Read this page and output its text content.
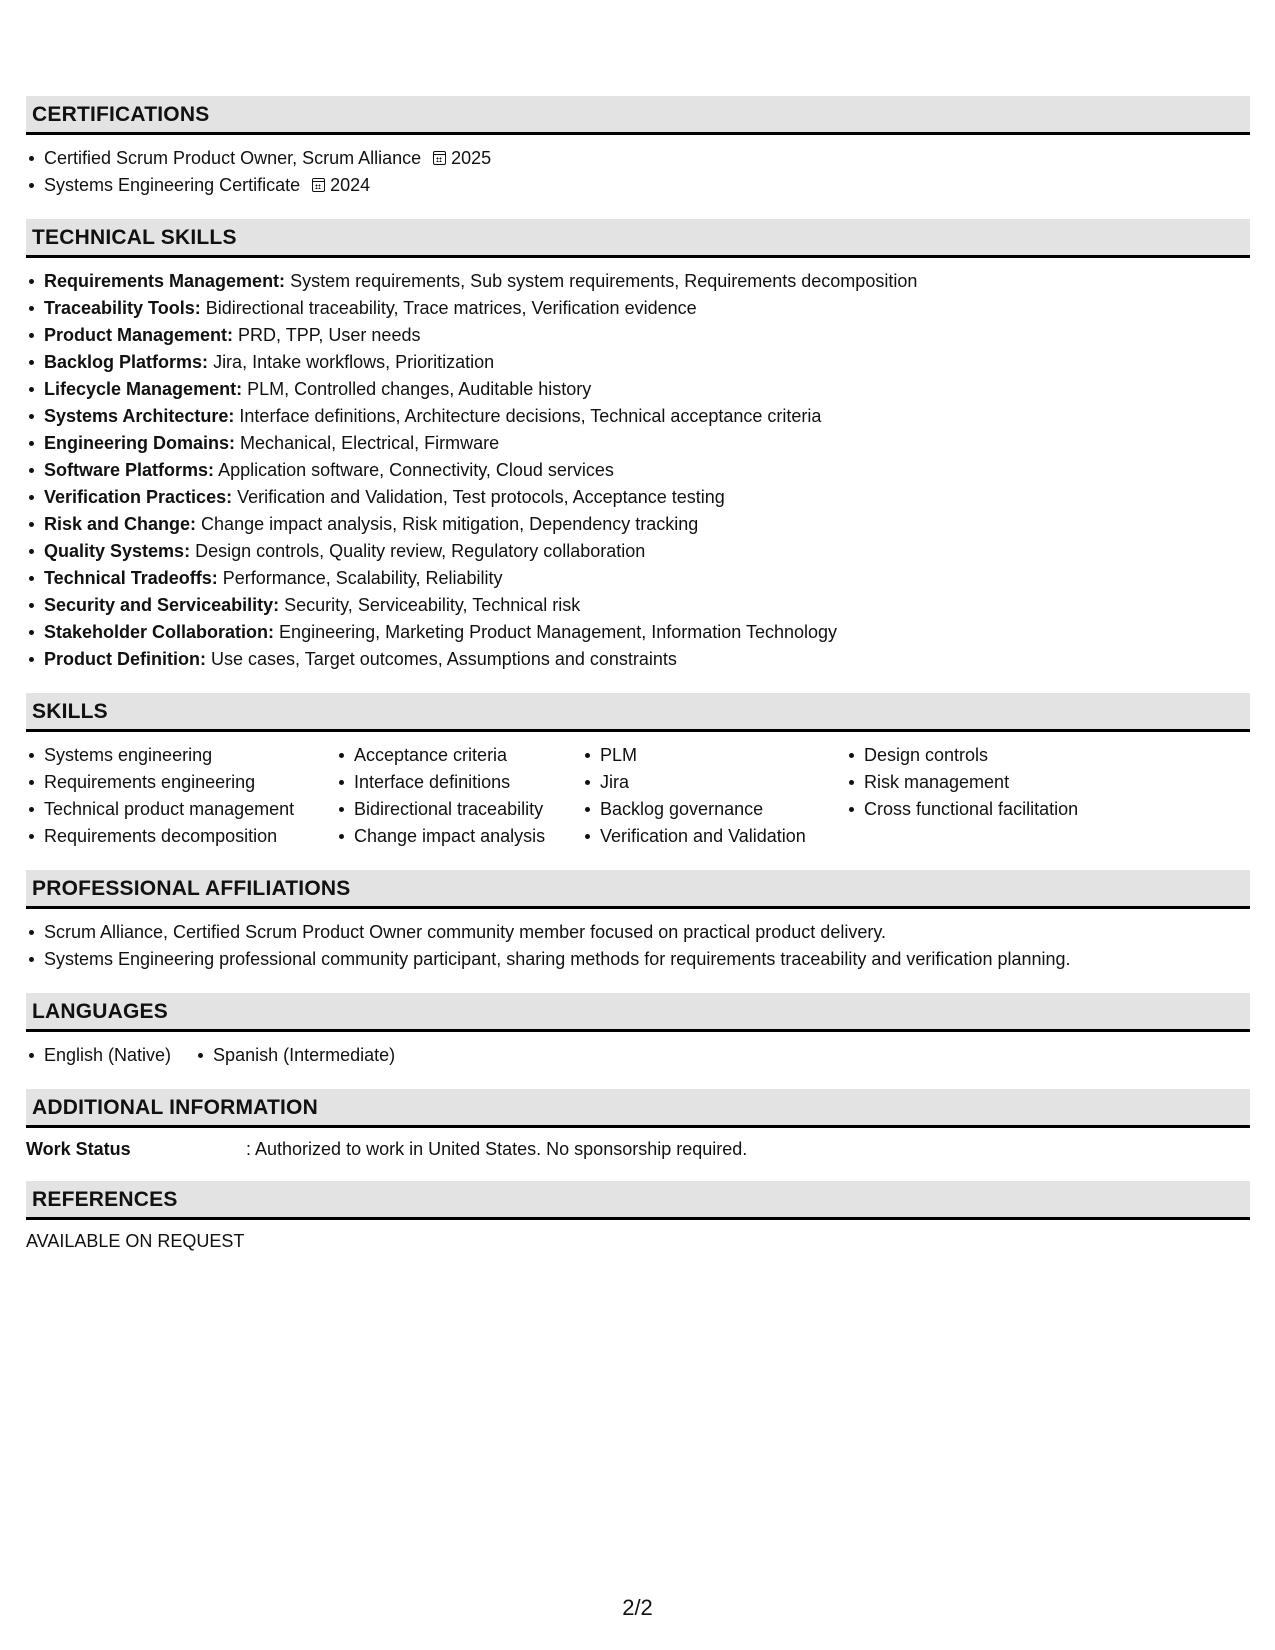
CERTIFICATIONS
Certified Scrum Product Owner, Scrum Alliance 2025
Systems Engineering Certificate 2024
TECHNICAL SKILLS
Requirements Management: System requirements, Sub system requirements, Requirements decomposition
Traceability Tools: Bidirectional traceability, Trace matrices, Verification evidence
Product Management: PRD, TPP, User needs
Backlog Platforms: Jira, Intake workflows, Prioritization
Lifecycle Management: PLM, Controlled changes, Auditable history
Systems Architecture: Interface definitions, Architecture decisions, Technical acceptance criteria
Engineering Domains: Mechanical, Electrical, Firmware
Software Platforms: Application software, Connectivity, Cloud services
Verification Practices: Verification and Validation, Test protocols, Acceptance testing
Risk and Change: Change impact analysis, Risk mitigation, Dependency tracking
Quality Systems: Design controls, Quality review, Regulatory collaboration
Technical Tradeoffs: Performance, Scalability, Reliability
Security and Serviceability: Security, Serviceability, Technical risk
Stakeholder Collaboration: Engineering, Marketing Product Management, Information Technology
Product Definition: Use cases, Target outcomes, Assumptions and constraints
SKILLS
Systems engineering
Requirements engineering
Technical product management
Requirements decomposition
Acceptance criteria
Interface definitions
Bidirectional traceability
Change impact analysis
PLM
Jira
Backlog governance
Verification and Validation
Design controls
Risk management
Cross functional facilitation
PROFESSIONAL AFFILIATIONS
Scrum Alliance, Certified Scrum Product Owner community member focused on practical product delivery.
Systems Engineering professional community participant, sharing methods for requirements traceability and verification planning.
LANGUAGES
English (Native)	Spanish (Intermediate)
ADDITIONAL INFORMATION
Work Status	: Authorized to work in United States. No sponsorship required.
REFERENCES
AVAILABLE ON REQUEST
2/2
